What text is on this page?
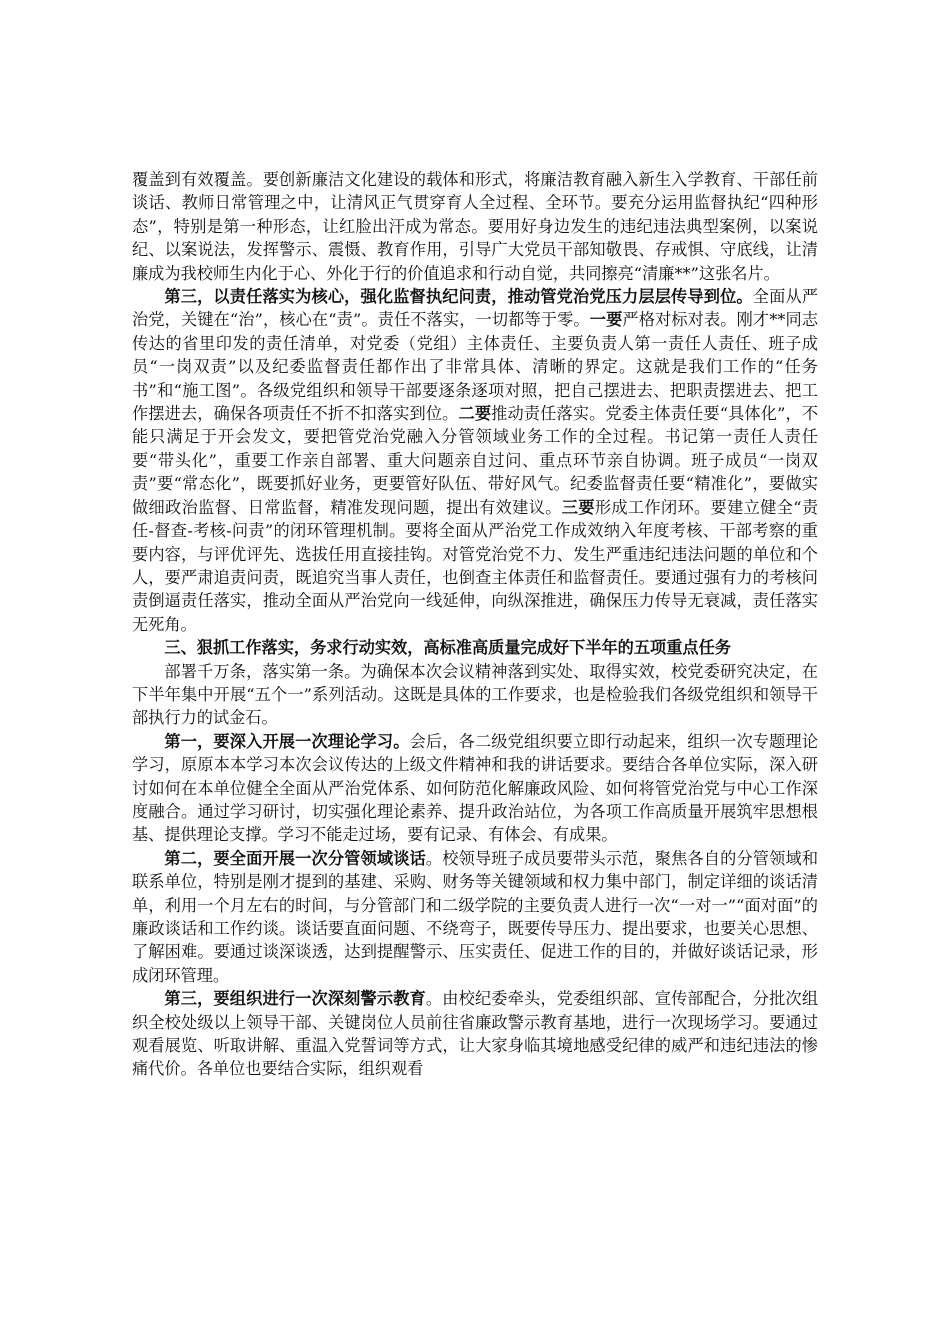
覆盖到有效覆盖。要创新廉洁文化建设的载体和形式，将廉洁教育融入新生入学教育、干部任前谈话、教师日常管理之中，让清风正气贯穿育人全过程、全环节。要充分运用监督执纪“四种形态”，特别是第一种形态，让红脸出汗成为常态。要用好身边发生的违纪违法典型案例，以案说纪、以案说法，发挥警示、震慑、教育作用，引导广大党员干部知敬畏、存戒惧、守底线，让清廉成为我校师生内化于心、外化于行的价值追求和行动自觉，共同擦亮“清廉**”这张名片。

第三，以责任落实为核心，强化监督执纪问责，推动管党治党压力层层传导到位。全面从严治党，关键在“治”，核心在“责”。责任不落实，一切都等于零。一要严格对标对表。刚才**同志传达的省里印发的责任清单，对党委（党组）主体责任、主要负责人第一责任人责任、班子成员“一岗双责”以及纪委监督责任都作出了非常具体、清晰的界定。这就是我们工作的“任务书”和“施工图”。各级党组织和领导干部要逐条逐项对照，把自己摆进去、把职责摆进去、把工作摆进去，确保各项责任不折不扣落实到位。二要推动责任落实。党委主体责任要“具体化”，不能只满足于开会发文，要把管党治党融入分管领域业务工作的全过程。书记第一责任人责任要“带头化”，重要工作亲自部署、重大问题亲自过问、重点环节亲自协调。班子成员“一岗双责”要“常态化”，既要抓好业务，更要管好队伍、带好风气。纪委监督责任要“精准化”，要做实做细政治监督、日常监督，精准发现问题，提出有效建议。三要形成工作闭环。要建立健全“责任-督查-考核-问责”的闭环管理机制。要将全面从严治党工作成效纳入年度考核、干部考察的重要内容，与评优评先、选拔任用直接挂钩。对管党治党不力、发生严重违纪违法问题的单位和个人，要严肃追责问责，既追究当事人责任，也倒查主体责任和监督责任。要通过强有力的考核问责倒逼责任落实，推动全面从严治党向一线延伸，向纵深推进，确保压力传导无衰减，责任落实无死角。

三、狠抓工作落实，务求行动实效，高标准高质量完成好下半年的五项重点任务

部署千万条，落实第一条。为确保本次会议精神落到实处、取得实效，校党委研究决定，在下半年集中开展“五个一”系列活动。这既是具体的工作要求，也是检验我们各级党组织和领导干部执行力的试金石。

第一，要深入开展一次理论学习。会后，各二级党组织要立即行动起来，组织一次专题理论学习，原原本本学习本次会议传达的上级文件精神和我的讲话要求。要结合各单位实际，深入研讨如何在本单位健全全面从严治党体系、如何防范化解廉政风险、如何将管党治党与中心工作深度融合。通过学习研讨，切实强化理论素养、提升政治站位，为各项工作高质量开展筑牢思想根基、提供理论支撑。学习不能走过场，要有记录、有体会、有成果。

第二，要全面开展一次分管领域谈话。校领导班子成员要带头示范，聚焦各自的分管领域和联系单位，特别是刚才提到的基建、采购、财务等关键领域和权力集中部门，制定详细的谈话清单，利用一个月左右的时间，与分管部门和二级学院的主要负责人进行一次“一对一”“面对面”的廉政谈话和工作约谈。谈话要直面问题、不绕弯子，既要传导压力、提出要求，也要关心思想、了解困难。要通过谈深谈透，达到提醒警示、压实责任、促进工作的目的，并做好谈话记录，形成闭环管理。

第三，要组织进行一次深刻警示教育。由校纪委牵头，党委组织部、宣传部配合，分批次组织全校处级以上领导干部、关键岗位人员前往省廉政警示教育基地，进行一次现场学习。要通过观看展览、听取讲解、重温入党誓词等方式，让大家身临其境地感受纪律的威严和违纪违法的惨痛代价。各单位也要结合实际，组织观看
